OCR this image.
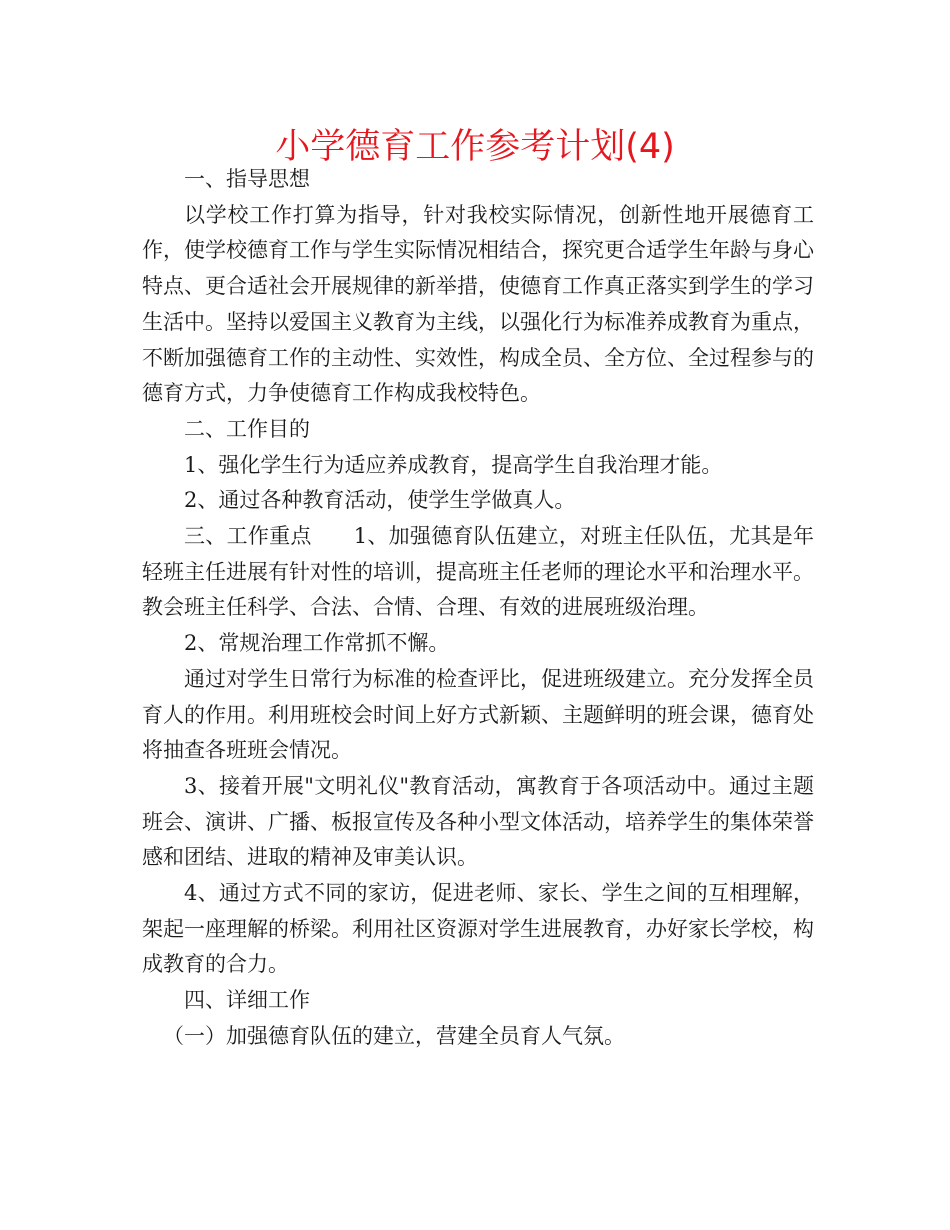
小学德育工作参考计划(4)

一、指导思想

以学校工作打算为指导，针对我校实际情况，创新性地开展德育工作，使学校德育工作与学生实际情况相结合，探究更合适学生年龄与身心特点、更合适社会开展规律的新举措，使德育工作真正落实到学生的学习生活中。坚持以爱国主义教育为主线，以强化行为标准养成教育为重点，不断加强德育工作的主动性、实效性，构成全员、全方位、全过程参与的德育方式，力争使德育工作构成我校特色。

二、工作目的

1、强化学生行为适应养成教育，提高学生自我治理才能。

2、通过各种教育活动，使学生学做真人。

三、工作重点 1、加强德育队伍建立，对班主任队伍，尤其是年轻班主任进展有针对性的培训，提高班主任老师的理论水平和治理水平。教会班主任科学、合法、合情、合理、有效的进展班级治理。

2、常规治理工作常抓不懈。

通过对学生日常行为标准的检查评比，促进班级建立。充分发挥全员育人的作用。利用班校会时间上好方式新颖、主题鲜明的班会课，德育处将抽查各班班会情况。

3、接着开展"文明礼仪"教育活动，寓教育于各项活动中。通过主题班会、演讲、广播、板报宣传及各种小型文体活动，培养学生的集体荣誉感和团结、进取的精神及审美认识。

4、通过方式不同的家访，促进老师、家长、学生之间的互相理解，架起一座理解的桥梁。利用社区资源对学生进展教育，办好家长学校，构成教育的合力。

四、详细工作

（一）加强德育队伍的建立，营建全员育人气氛。
